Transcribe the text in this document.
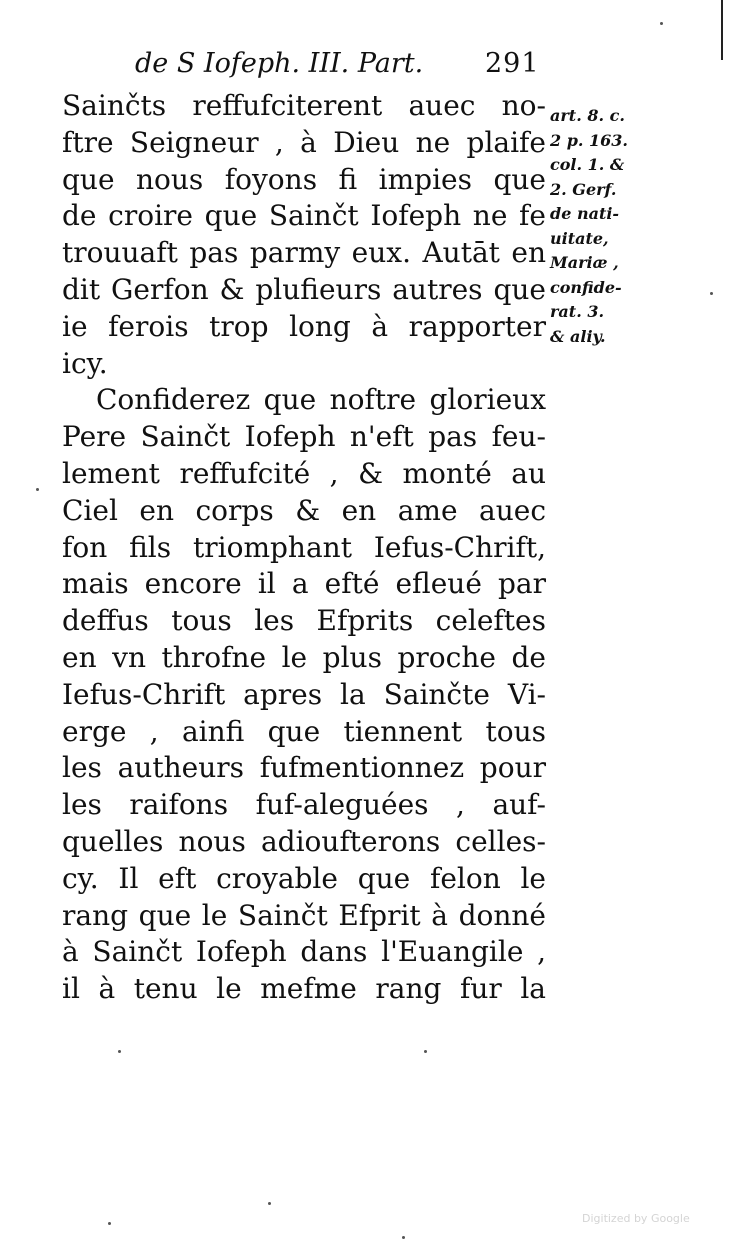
de S Iofeph. III. Part. 291
Sainčts reffufciterent auec no-
ftre Seigneur , à Dieu ne plaife
que nous foyons fi impies que
de croire que Sainčt Iofeph ne fe
trouuaft pas parmy eux. Autāt en
dit Gerfon & plufieurs autres que
ie ferois trop long à rapporter
icy.
Confiderez que noftre glorieux
Pere Sainčt Iofeph n'eft pas feu-
lement reffufcité , & monté au
Ciel en corps & en ame auec
fon fils triomphant Iefus-Chrift,
mais encore il a efté efleué par
deffus tous les Efprits celeftes
en vn throfne le plus proche de
Iefus-Chrift apres la Sainčte Vi-
erge , ainfi que tiennent tous
les autheurs fufmentionnez pour
les raifons fuf-aleguées , auf-
quelles nous adioufterons celles-
cy. Il eft croyable que felon le
rang que le Sainčt Efprit à donné
à Sainčt Iofeph dans l'Euangile ,
il à tenu le mefme rang fur la
art. 8. c.
2 p. 163.
col. 1. &
2. Gerf.
de nati-
uitate,
Mariæ ,
confide-
rat. 3.
& aliy.
Digitized by Google
